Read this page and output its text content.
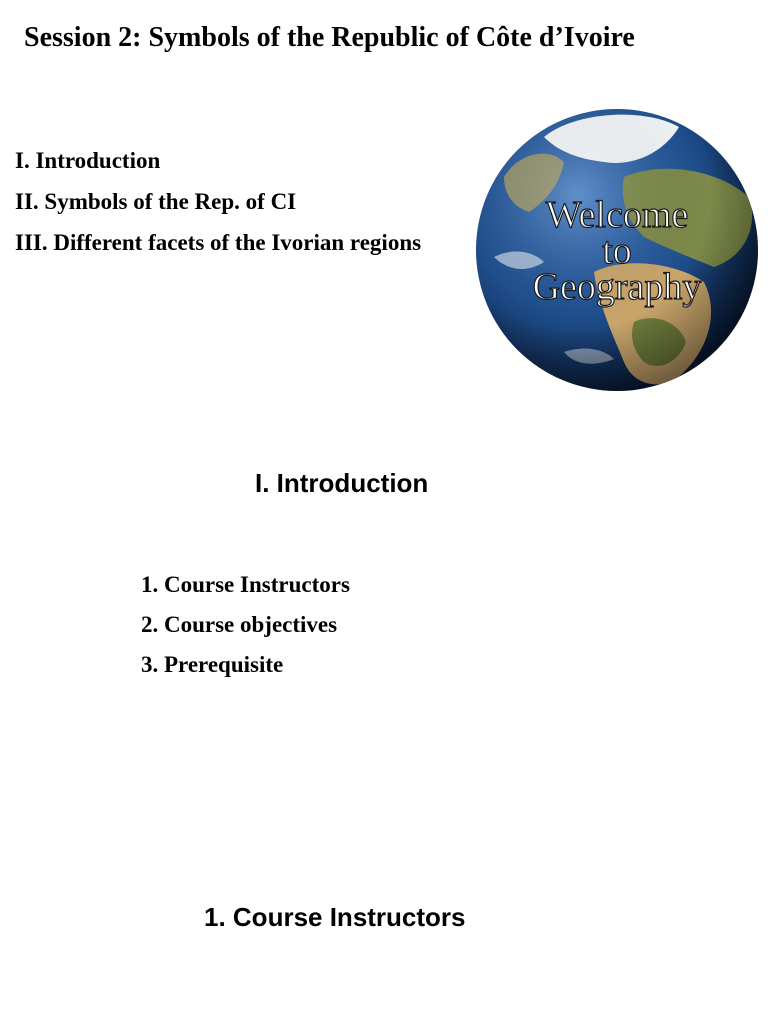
Session 2: Symbols of the Republic of Côte d’Ivoire
I. Introduction
II. Symbols of the Rep. of CI
III. Different facets of the Ivorian regions
Welcome
to
Geography
I. Introduction
1. Course Instructors
2. Course objectives
3. Prerequisite
1. Course Instructors
